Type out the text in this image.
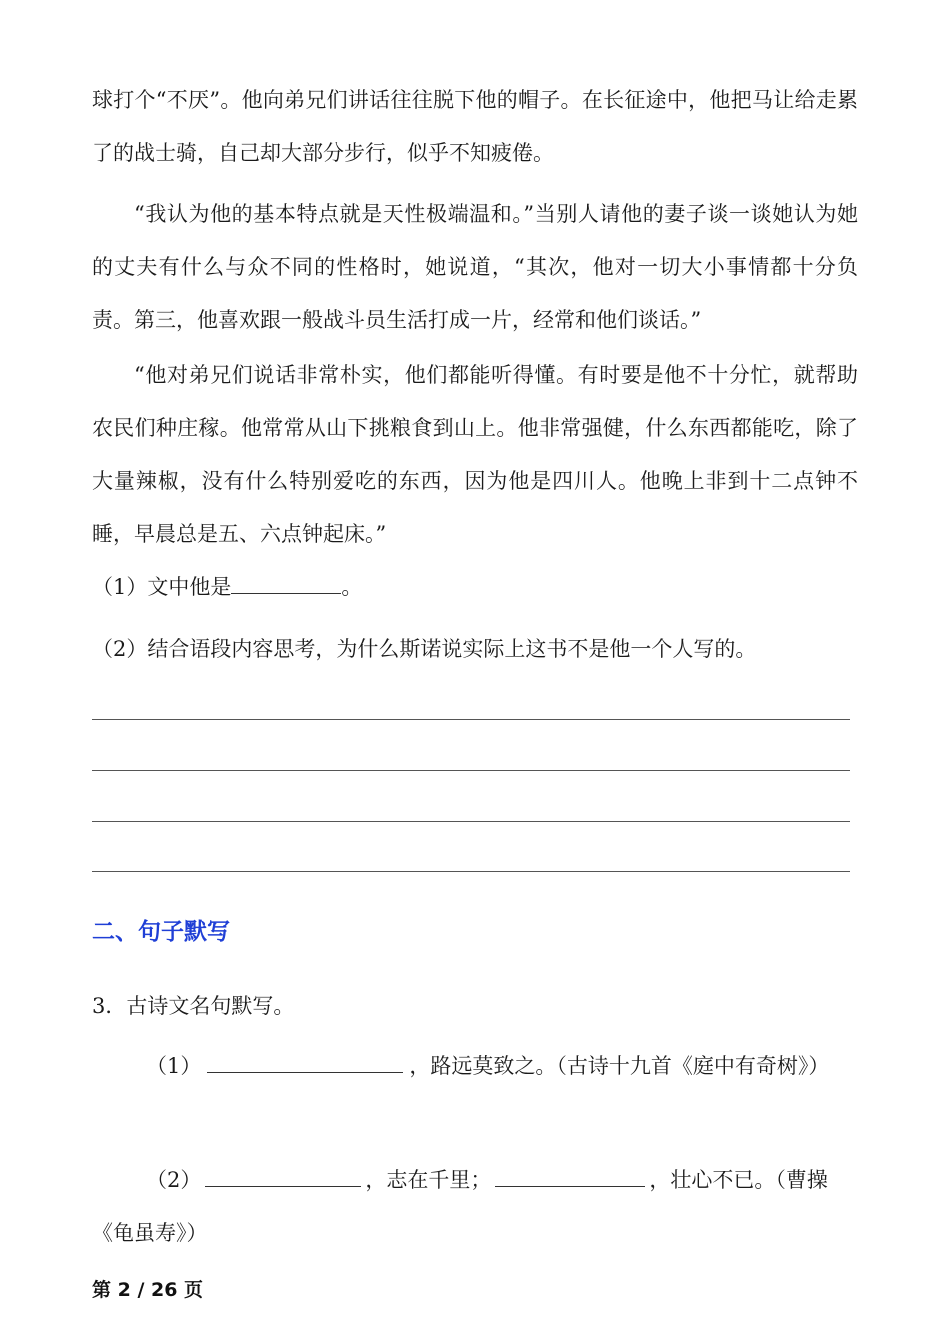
球打个“不厌”。他向弟兄们讲话往往脱下他的帽子。在长征途中，他把马让给走累了的战士骑，自己却大部分步行，似乎不知疲倦。

“我认为他的基本特点就是天性极端温和。”当别人请他的妻子谈一谈她认为她的丈夫有什么与众不同的性格时，她说道，“其次，他对一切大小事情都十分负责。第三，他喜欢跟一般战斗员生活打成一片，经常和他们谈话。”

“他对弟兄们说话非常朴实，他们都能听得懂。有时要是他不十分忙，就帮助农民们种庄稼。他常常从山下挑粮食到山上。他非常强健，什么东西都能吃，除了大量辣椒，没有什么特别爱吃的东西，因为他是四川人。他晚上非到十二点钟不睡，早晨总是五、六点钟起床。”

（1）文中他是	。
（2）结合语段内容思考，为什么斯诺说实际上这书不是他一个人写的。
二、句子默写
3．古诗文名句默写。

（1）	，路远莫致之。（古诗十九首《庭中有奇树》）

（2）	，志在千里；	，壮心不已。（曹操《龟虽寿》）

第 2 / 26 页
